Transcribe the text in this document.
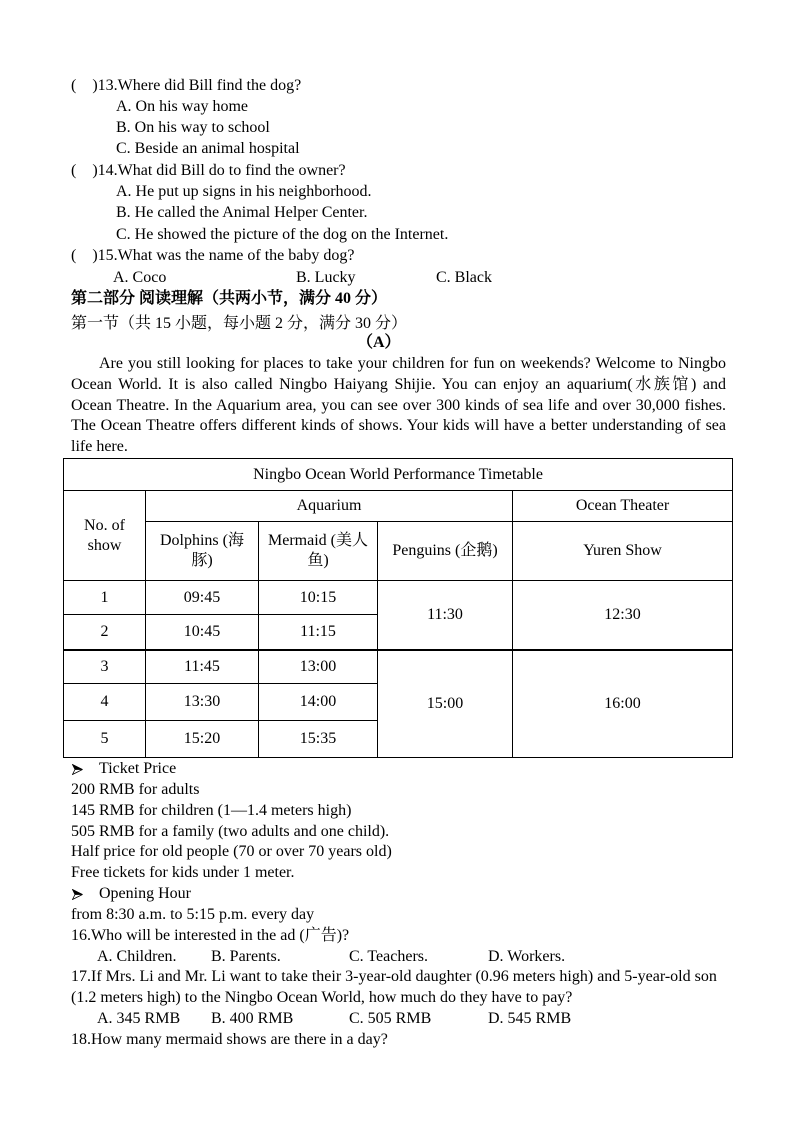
(    )13.Where did Bill find the dog?
A. On his way home
B. On his way to school
C. Beside an animal hospital
(    )14.What did Bill do to find the owner?
A. He put up signs in his neighborhood.
B. He called the Animal Helper Center.
C. He showed the picture of the dog on the Internet.
(    )15.What was the name of the baby dog?
A. Coco	B. Lucky	C. Black
第二部分 阅读理解（共两小节，满分 40 分）
第一节（共 15 小题，每小题 2 分，满分 30 分）
（A）
Are you still looking for places to take your children for fun on weekends? Welcome to Ningbo
Ocean World. It is also called Ningbo Haiyang Shijie. You can enjoy an aquarium(水族馆) and
Ocean Theatre. In the Aquarium area, you can see over 300 kinds of sea life and over 30,000 fishes.
The Ocean Theatre offers different kinds of shows. Your kids will have a better understanding of sea
life here.
Ningbo Ocean World Performance Timetable				
No. of show	Aquarium			Ocean Theater
	Dolphins (海豚)	Mermaid (美人鱼)	Penguins (企鹅)	Yuren Show
1	09:45	10:15	11:30	12:30
2	10:45	11:15		
3	11:45	13:00	15:00	16:00
4	13:30	14:00		
5	15:20	15:35		
Ticket Price
200 RMB for adults
145 RMB for children (1—1.4 meters high)
505 RMB for a family (two adults and one child).
Half price for old people (70 or over 70 years old)
Free tickets for kids under 1 meter.
Opening Hour
from 8:30 a.m. to 5:15 p.m. every day
16.Who will be interested in the ad (广告)?
A. Children. B. Parents.	C. Teachers.	D. Workers.
17.If Mrs. Li and Mr. Li want to take their 3-year-old daughter (0.96 meters high) and 5-year-old son
(1.2 meters high) to the Ningbo Ocean World, how much do they have to pay?
A. 345 RMB B. 400 RMB	C. 505 RMB	D. 545 RMB
18.How many mermaid shows are there in a day?
